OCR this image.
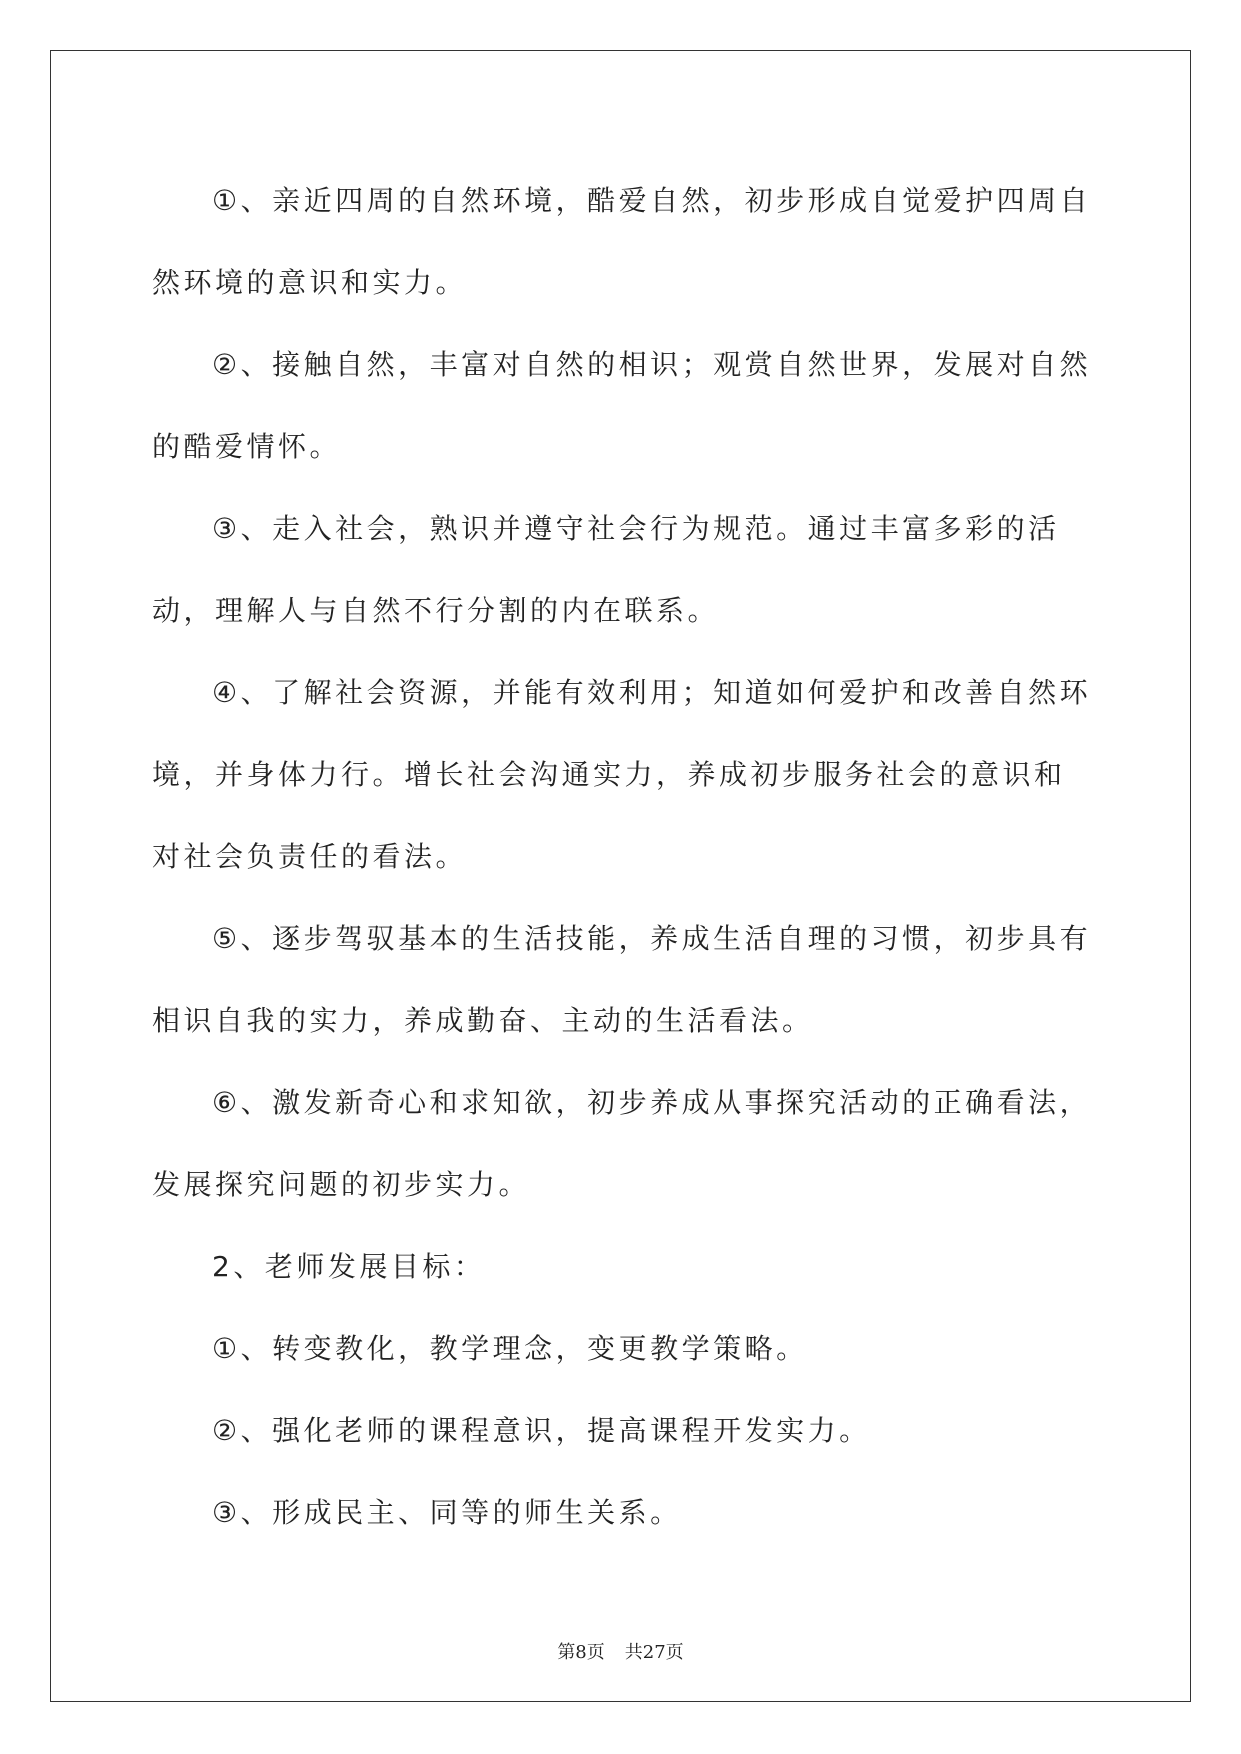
①、亲近四周的自然环境，酷爱自然，初步形成自觉爱护四周自然环境的意识和实力。

②、接触自然，丰富对自然的相识；观赏自然世界，发展对自然的酷爱情怀。

③、走入社会，熟识并遵守社会行为规范。通过丰富多彩的活动，理解人与自然不行分割的内在联系。

④、了解社会资源，并能有效利用；知道如何爱护和改善自然环境，并身体力行。增长社会沟通实力，养成初步服务社会的意识和对社会负责任的看法。

⑤、逐步驾驭基本的生活技能，养成生活自理的习惯，初步具有相识自我的实力，养成勤奋、主动的生活看法。

⑥、激发新奇心和求知欲，初步养成从事探究活动的正确看法，发展探究问题的初步实力。

2、老师发展目标：

①、转变教化，教学理念，变更教学策略。

②、强化老师的课程意识，提高课程开发实力。

③、形成民主、同等的师生关系。

第8页 共27页
